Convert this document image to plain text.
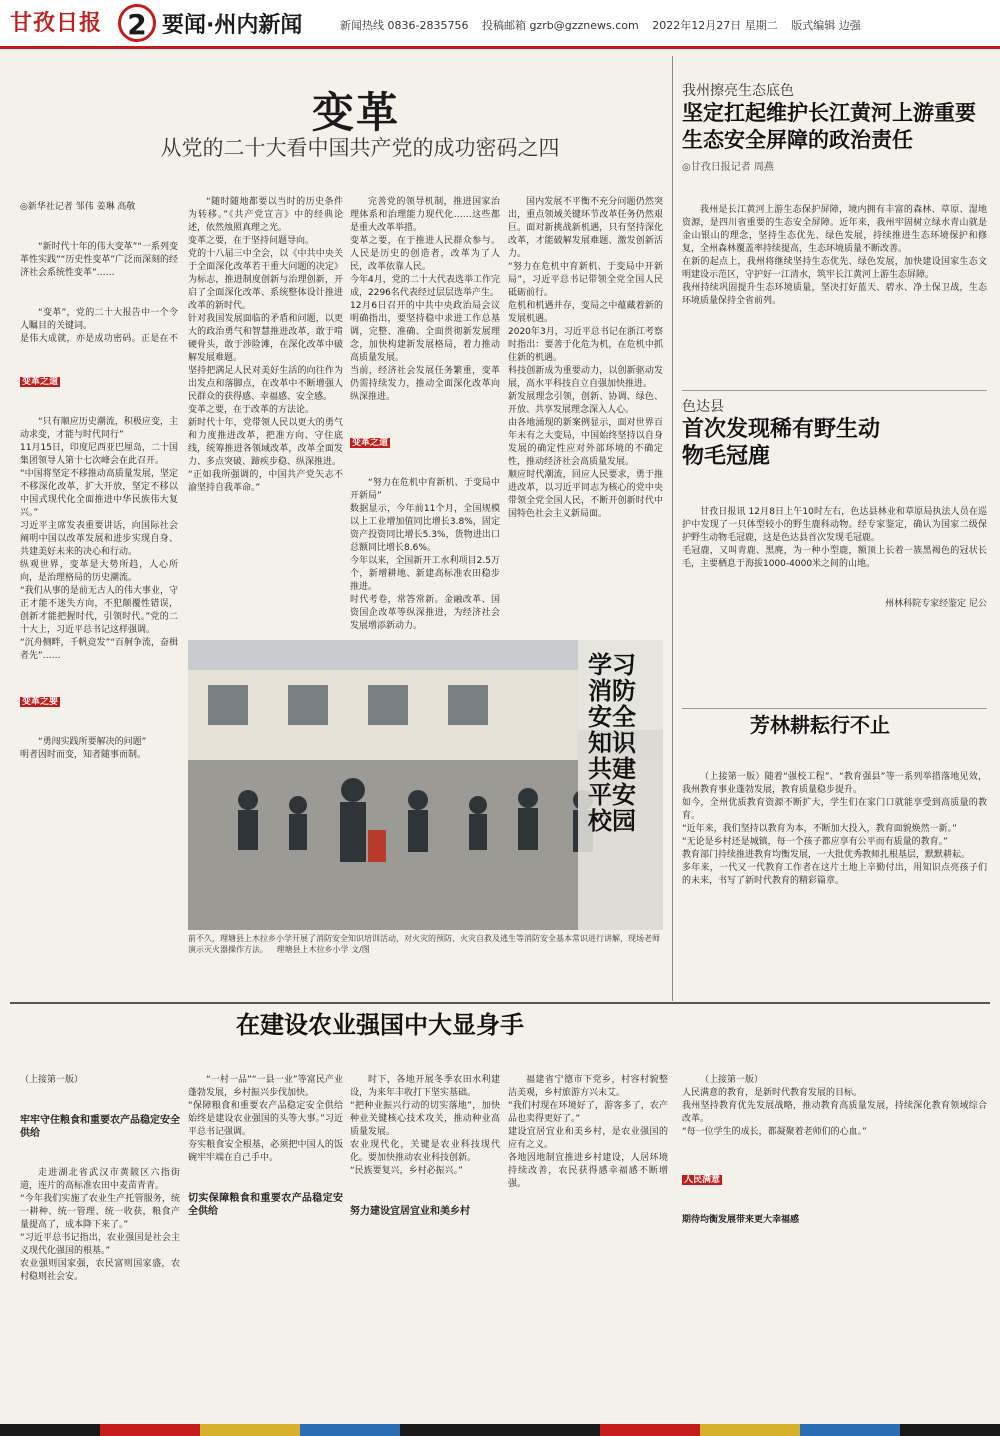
甘孜日报 2 要闻·州内新闻	新闻热线 0836-2835756 投稿邮箱 gzrb@gzznews.com 2022年12月27日 星期二 版式编辑 边强
变革
从党的二十大看中国共产党的成功密码之四

◎新华社记者 邹伟 姜琳 高敬

“新时代十年的伟大变革”“一系列变革性实践”“历史性变革”广泛而深刻的经济社会系统性变革”……

“变革”，党的二十大报告中一个令人瞩目的关键词。
是伟大成就，亦是成功密码。正是在不

变革之道

“只有顺应历史潮流，积极应变，主动求变，才能与时代同行”
11月15日，印度尼西亚巴厘岛，二十国集团领导人第十七次峰会在此召开。
“中国将坚定不移推动高质量发展，坚定不移深化改革，扩大开放，坚定不移以中国式现代化全面推进中华民族伟大复兴。”
习近平主席发表重要讲话，向国际社会阐明中国以改革发展和进步实现自身、共建美好未来的决心和行动。
纵观世界，变革是大势所趋，人心所向，是治理格局的历史潮流。
“我们从事的是前无古人的伟大事业，守正才能不迷失方向，不犯颠覆性错误，创新才能把握时代，引领时代。”党的二十大上，习近平总书记这样强调。
“沉舟侧畔，千帆竞发”“百舸争流，奋楫者先”……

变革之要

“勇闯实践所要解决的问题”
明者因时而变，知者随事而制。

“随时随地都要以当时的历史条件为转移。”《共产党宣言》中的经典论述，依然烛照真理之光。
变革之要，在于坚持问题导向。
党的十八届三中全会，以《中共中央关于全面深化改革若干重大问题的决定》为标志，推进制度创新与治理创新，开启了全面深化改革、系统整体设计推进改革的新时代。
针对我国发展面临的矛盾和问题，以更大的政治勇气和智慧推进改革，敢于啃硬骨头，敢于涉险滩，在深化改革中破解发展难题。
坚持把满足人民对美好生活的向往作为出发点和落脚点，在改革中不断增强人民群众的获得感、幸福感、安全感。
变革之要，在于改革的方法论。
新时代十年，党带领人民以更大的勇气和力度推进改革，把准方向、守住底线，统筹推进各领域改革，改革全面发力、多点突破、蹄疾步稳、纵深推进。
“正如我所强调的，中国共产党矢志不渝坚持自我革命。”

完善党的领导机制，推进国家治理体系和治理能力现代化……这些都是重大改革举措。
变革之要，在于推进人民群众参与。人民是历史的创造者，改革为了人民，改革依靠人民。
今年4月，党的二十大代表选举工作完成，2296名代表经过层层选举产生。
12月6日召开的中共中央政治局会议明确指出，要坚持稳中求进工作总基调，完整、准确、全面贯彻新发展理念，加快构建新发展格局，着力推动高质量发展。
当前，经济社会发展任务繁重，变革仍需持续发力，推动全面深化改革向纵深推进。

变革之道

“努力在危机中育新机、于变局中开新局”
数据显示，今年前11个月，全国规模以上工业增加值同比增长3.8%，固定资产投资同比增长5.3%，货物进出口总额同比增长8.6%。
今年以来，全国新开工水利项目2.5万个，新增耕地、新建高标准农田稳步推进。
时代考卷，常答常新。金融改革、国资国企改革等纵深推进，为经济社会发展增添新动力。

国内发展不平衡不充分问题仍然突出，重点领域关键环节改革任务仍然艰巨。面对新挑战新机遇，只有坚持深化改革，才能破解发展难题、激发创新活力。
“努力在危机中育新机、于变局中开新局”，习近平总书记带领全党全国人民砥砺前行。
危机和机遇并存，变局之中蕴藏着新的发展机遇。
2020年3月，习近平总书记在浙江考察时指出：要善于化危为机，在危机中抓住新的机遇。
科技创新成为重要动力，以创新驱动发展，高水平科技自立自强加快推进。
新发展理念引领，创新、协调、绿色、开放、共享发展理念深入人心。
由各地涌现的新案例显示，面对世界百年未有之大变局，中国始终坚持以自身发展的确定性应对外部环境的不确定性，推动经济社会高质量发展。
顺应时代潮流，回应人民要求，勇于推进改革，以习近平同志为核心的党中央带领全党全国人民，不断开创新时代中国特色社会主义新局面。

学习消防安全知识 共建平安校园
前不久，理塘县上木拉乡小学开展了消防安全知识培训活动，对火灾的预防、火灾自救及逃生等消防安全基本常识进行讲解，现场老师演示灭火器操作方法。 理塘县上木拉乡小学 文/图
我州擦亮生态底色
坚定扛起维护长江黄河上游重要生态安全屏障的政治责任
◎甘孜日报记者 周燕

我州是长江黄河上游生态保护屏障，境内拥有丰富的森林、草原、湿地资源，是四川省重要的生态安全屏障。近年来，我州牢固树立绿水青山就是金山银山的理念，坚持生态优先、绿色发展，持续推进生态环境保护和修复，全州森林覆盖率持续提高，生态环境质量不断改善。
在新的起点上，我州将继续坚持生态优先、绿色发展，加快建设国家生态文明建设示范区，守护好一江清水，筑牢长江黄河上游生态屏障。
我州持续巩固提升生态环境质量，坚决打好蓝天、碧水、净土保卫战，生态环境质量保持全省前列。

色达县
首次发现稀有野生动物毛冠鹿

甘孜日报讯 12月8日上午10时左右，色达县林业和草原局执法人员在巡护中发现了一只体型较小的野生鹿科动物。经专家鉴定，确认为国家二级保护野生动物毛冠鹿，这是色达县首次发现毛冠鹿。
毛冠鹿，又叫青鹿、黑麂，为一种小型鹿，额顶上长着一簇黑褐色的冠状长毛，主要栖息于海拔1000-4000米之间的山地。

州林科院专家经鉴定 尼公

芳林耕耘行不止

（上接第一版）随着“强校工程”、“教育强县”等一系列举措落地见效，我州教育事业蓬勃发展，教育质量稳步提升。
如今，全州优质教育资源不断扩大，学生们在家门口就能享受到高质量的教育。
“近年来，我们坚持以教育为本，不断加大投入，教育面貌焕然一新。”
“无论是乡村还是城镇，每一个孩子都应享有公平而有质量的教育。”
教育部门持续推进教育均衡发展，一大批优秀教师扎根基层，默默耕耘。
多年来，一代又一代教育工作者在这片土地上辛勤付出，用知识点亮孩子们的未来，书写了新时代教育的精彩篇章。

在建设农业强国中大显身手

（上接第一版）

牢牢守住粮食和重要农产品稳定安全供给

走进湖北省武汉市黄陂区六指街道，连片的高标准农田中麦苗青青。
“今年我们实施了农业生产托管服务，统一耕种、统一管理、统一收获，粮食产量提高了，成本降下来了。”
“习近平总书记指出，农业强国是社会主义现代化强国的根基。”
农业强则国家强，农民富则国家盛，农村稳则社会安。

“一村一品”“一县一业”等富民产业蓬勃发展，乡村振兴步伐加快。
“保障粮食和重要农产品稳定安全供给始终是建设农业强国的头等大事。”习近平总书记强调。
夯实粮食安全根基，必须把中国人的饭碗牢牢端在自己手中。

切实保障粮食和重要农产品稳定安全供给

时下，各地开展冬季农田水利建设，为来年丰收打下坚实基础。
“把种业振兴行动的切实落地”，加快种业关键核心技术攻关，推动种业高质量发展。
农业现代化，关键是农业科技现代化。要加快推动农业科技创新。
“民族要复兴，乡村必振兴。”

努力建设宜居宜业和美乡村

福建省宁德市下党乡，村容村貌整洁美观，乡村旅游方兴未艾。
“我们村现在环境好了，游客多了，农产品也卖得更好了。”
建设宜居宜业和美乡村，是农业强国的应有之义。
各地因地制宜推进乡村建设，人居环境持续改善，农民获得感幸福感不断增强。

（上接第一版）
人民满意的教育，是新时代教育发展的目标。
我州坚持教育优先发展战略，推动教育高质量发展，持续深化教育领域综合改革。
“每一位学生的成长，都凝聚着老师们的心血。”

人民满意

期待均衡发展带来更大幸福感
